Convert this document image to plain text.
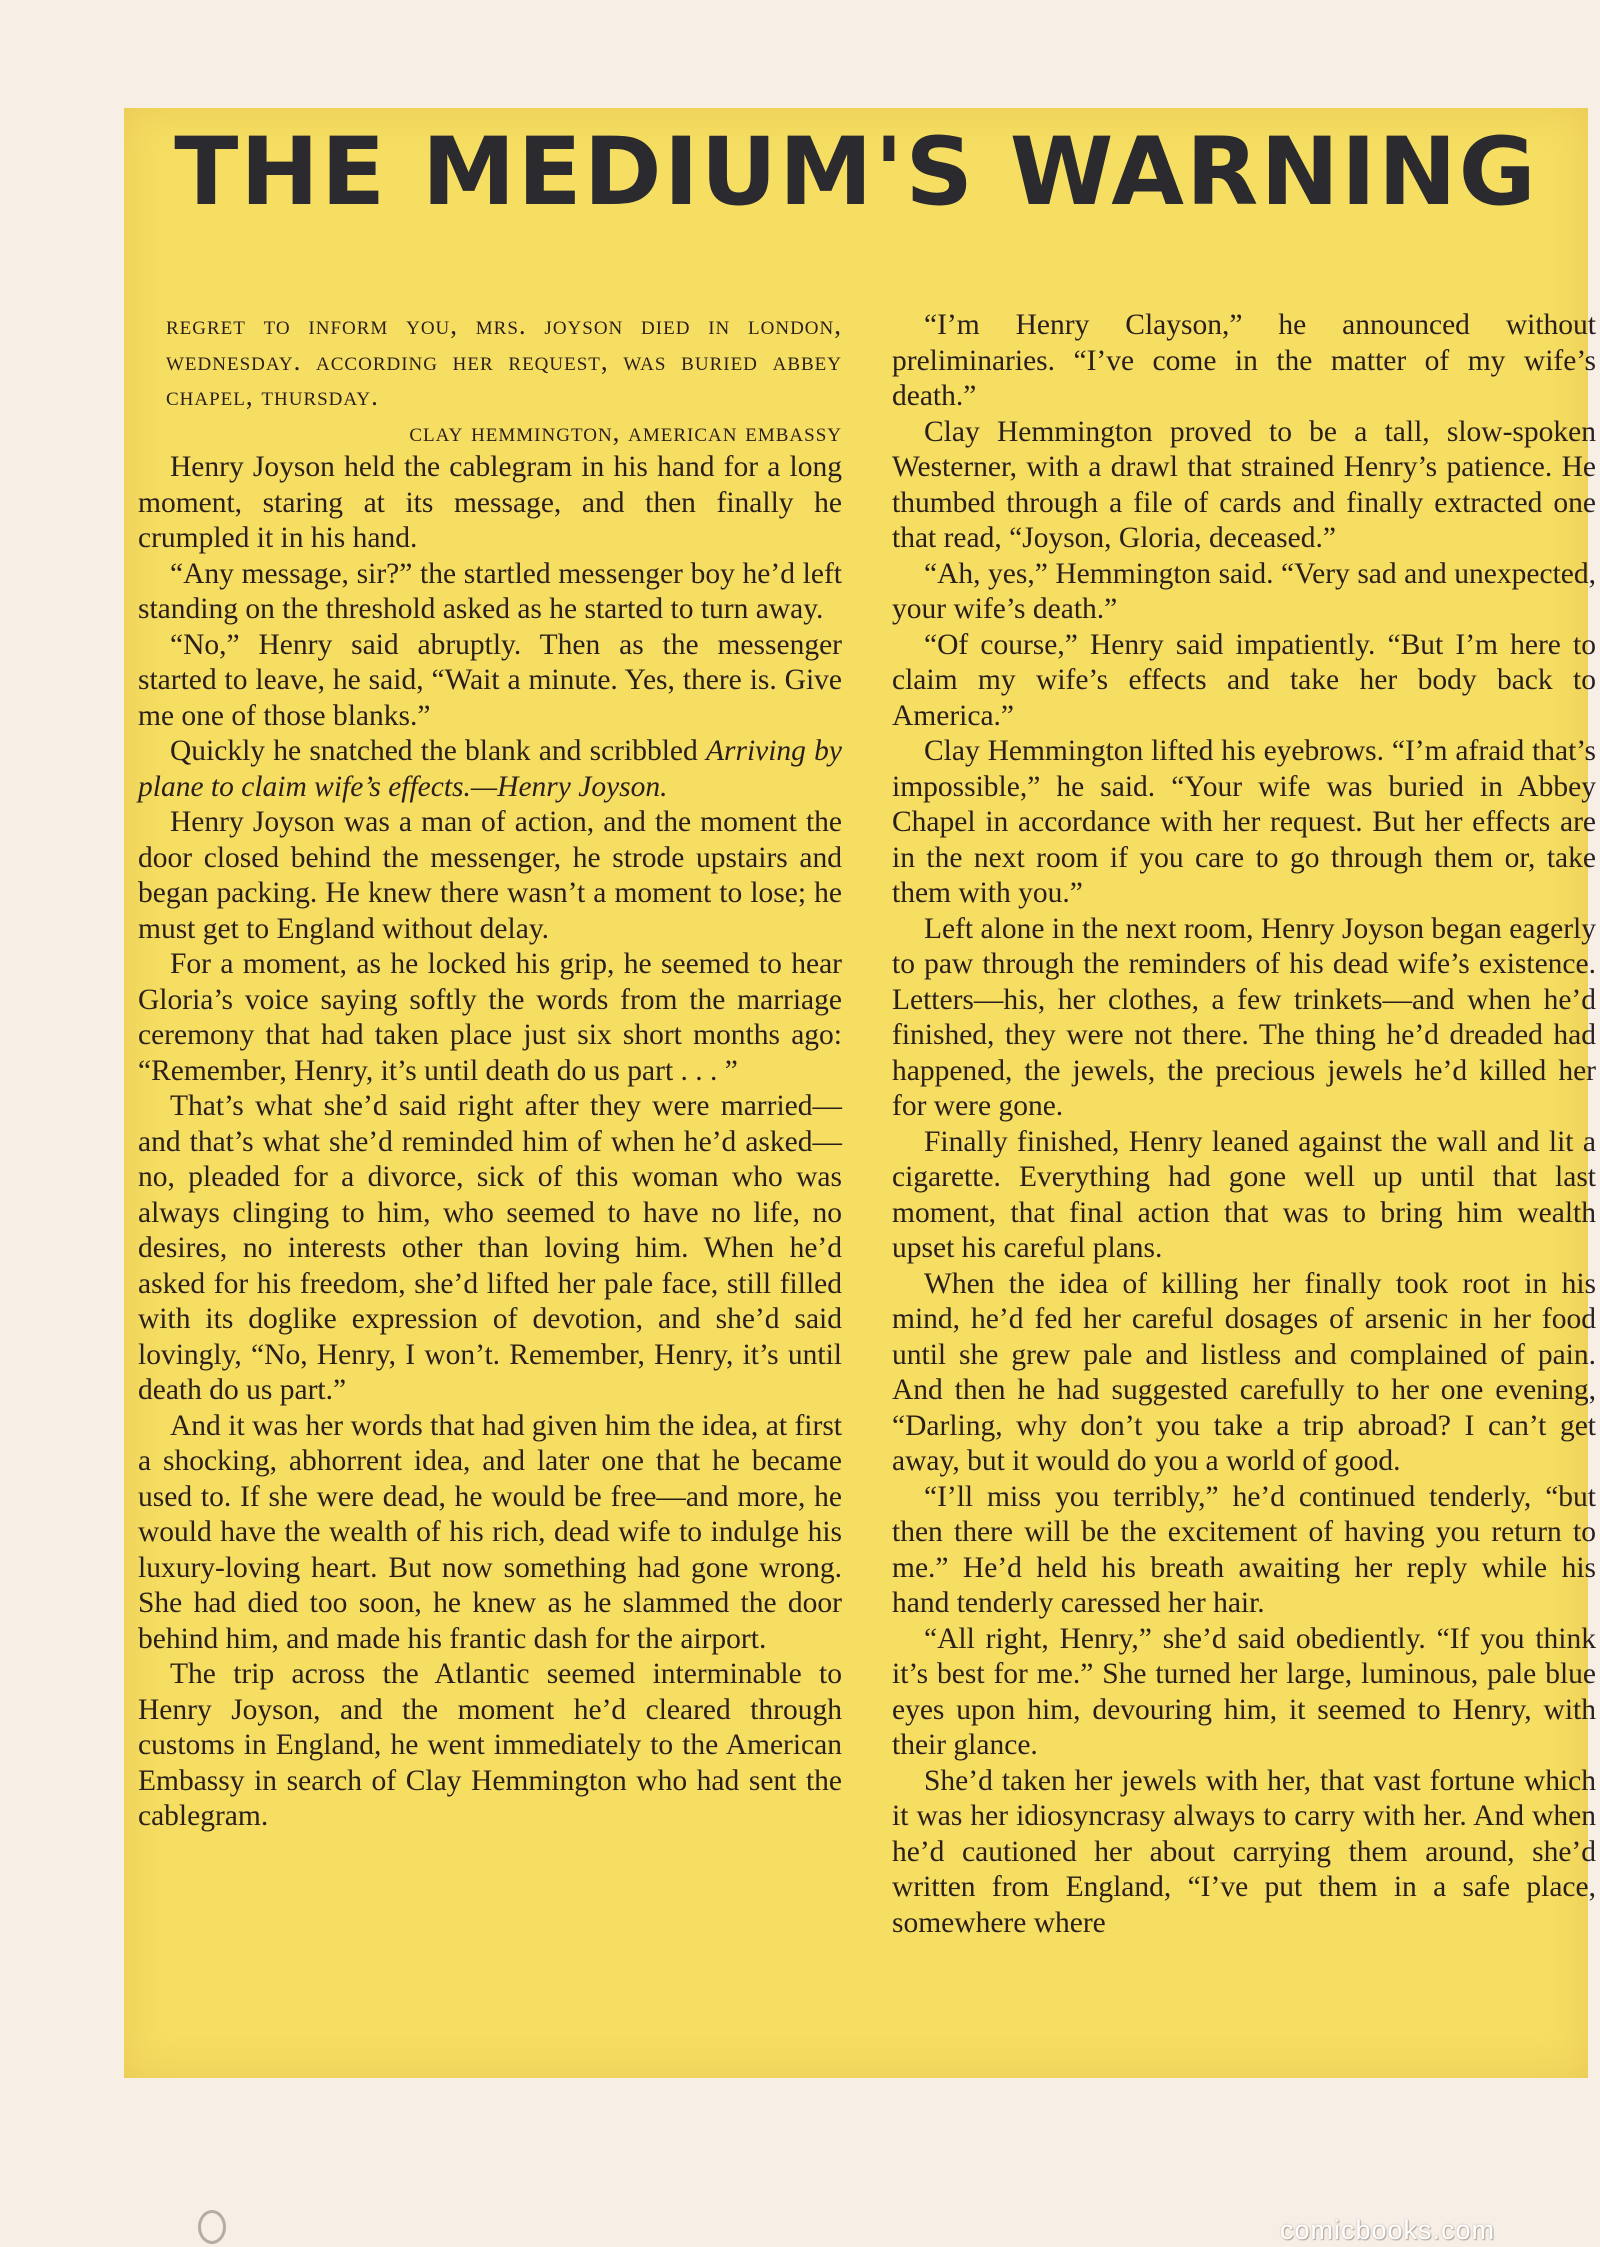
THE MEDIUM'S WARNING

regret to inform you, mrs. joyson died in london, wednesday. according her request, was buried abbey chapel, thursday.

clay hemmington, american embassy

Henry Joyson held the cablegram in his hand for a long moment, staring at its message, and then finally he crumpled it in his hand.

“Any message, sir?” the startled messenger boy he’d left standing on the threshold asked as he started to turn away.

“No,” Henry said abruptly. Then as the messenger started to leave, he said, “Wait a minute. Yes, there is. Give me one of those blanks.”

Quickly he snatched the blank and scribbled Arriving by plane to claim wife’s effects.—Henry Joyson.

Henry Joyson was a man of action, and the moment the door closed behind the messenger, he strode upstairs and began packing. He knew there wasn’t a moment to lose; he must get to England without delay.

For a moment, as he locked his grip, he seemed to hear Gloria’s voice saying softly the words from the marriage ceremony that had taken place just six short months ago: “Remember, Henry, it’s until death do us part . . . ”

That’s what she’d said right after they were married—and that’s what she’d reminded him of when he’d asked—no, pleaded for a divorce, sick of this woman who was always clinging to him, who seemed to have no life, no desires, no interests other than loving him. When he’d asked for his freedom, she’d lifted her pale face, still filled with its doglike expression of devotion, and she’d said lovingly, “No, Henry, I won’t. Remember, Henry, it’s until death do us part.”

And it was her words that had given him the idea, at first a shocking, abhorrent idea, and later one that he became used to. If she were dead, he would be free—and more, he would have the wealth of his rich, dead wife to indulge his luxury-loving heart. But now something had gone wrong. She had died too soon, he knew as he slammed the door behind him, and made his frantic dash for the airport.

The trip across the Atlantic seemed interminable to Henry Joyson, and the moment he’d cleared through customs in England, he went immediately to the American Embassy in search of Clay Hemmington who had sent the cablegram.

“I’m Henry Clayson,” he announced without preliminaries. “I’ve come in the matter of my wife’s death.”

Clay Hemmington proved to be a tall, slow-spoken Westerner, with a drawl that strained Henry’s patience. He thumbed through a file of cards and finally extracted one that read, “Joyson, Gloria, deceased.”

“Ah, yes,” Hemmington said. “Very sad and unexpected, your wife’s death.”

“Of course,” Henry said impatiently. “But I’m here to claim my wife’s effects and take her body back to America.”

Clay Hemmington lifted his eyebrows. “I’m afraid that’s impossible,” he said. “Your wife was buried in Abbey Chapel in accordance with her request. But her effects are in the next room if you care to go through them or, take them with you.”

Left alone in the next room, Henry Joyson began eagerly to paw through the reminders of his dead wife’s existence. Letters—his, her clothes, a few trinkets—and when he’d finished, they were not there. The thing he’d dreaded had happened, the jewels, the precious jewels he’d killed her for were gone.

Finally finished, Henry leaned against the wall and lit a cigarette. Everything had gone well up until that last moment, that final action that was to bring him wealth upset his careful plans.

When the idea of killing her finally took root in his mind, he’d fed her careful dosages of arsenic in her food until she grew pale and listless and complained of pain. And then he had suggested carefully to her one evening, “Darling, why don’t you take a trip abroad? I can’t get away, but it would do you a world of good.

“I’ll miss you terribly,” he’d continued tenderly, “but then there will be the excitement of having you return to me.” He’d held his breath awaiting her reply while his hand tenderly caressed her hair.

“All right, Henry,” she’d said obediently. “If you think it’s best for me.” She turned her large, luminous, pale blue eyes upon him, devouring him, it seemed to Henry, with their glance.

She’d taken her jewels with her, that vast fortune which it was her idiosyncrasy always to carry with her. And when he’d cautioned her about carrying them around, she’d written from England, “I’ve put them in a safe place, somewhere where

comicbooks.com
